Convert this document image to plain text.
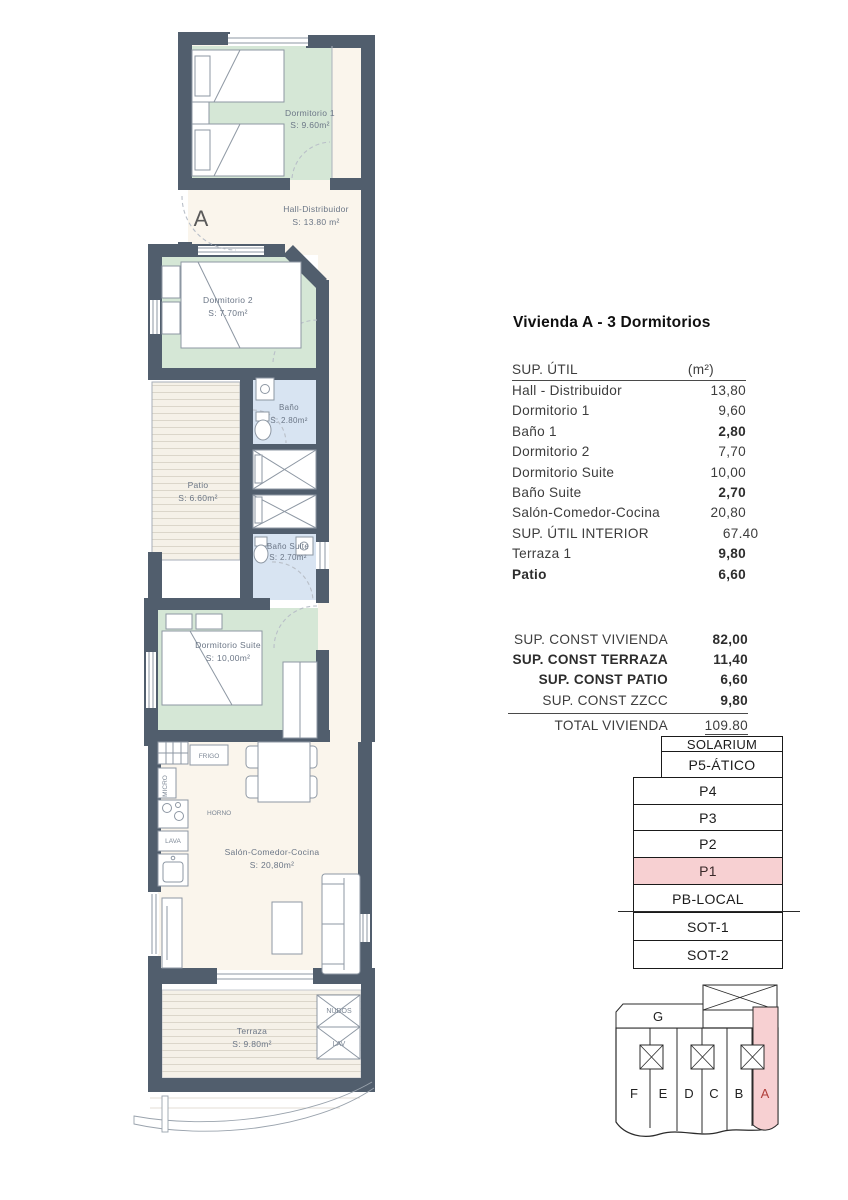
Dormitorio 1
S: 9.60m²
Hall-Distribuidor
S: 13.80 m²
Dormitorio 2
S: 7.70m²
Baño
S: 2.80m²
Patio
S: 6.60m²
Baño Suite
S: 2.70m²
Dormitorio Suite
S: 10,00m²
Salón-Comedor-Cocina
S: 20,80m²
Terraza
S: 9.80m²
FRIGO
MICRO
HORNO
LAVA
NUDOS
LAV
A
Vivienda A - 3 Dormitorios
SUP. ÚTIL	(m²)
Hall - Distribuidor	13,80
Dormitorio 1	9,60
Baño 1	2,80
Dormitorio 2	7,70
Dormitorio Suite	10,00
Baño Suite	2,70
Salón-Comedor-Cocina	20,80
SUP. ÚTIL INTERIOR	67.40
Terraza 1	9,80
Patio	6,60
SUP. CONST VIVIENDA	82,00
SUP. CONST TERRAZA	11,40
SUP. CONST PATIO	6,60
SUP. CONST ZZCC	9,80
TOTAL VIVIENDA	109.80
SOLARIUM
P5-ÁTICO
P4
P3
P2
P1
PB-LOCAL
SOT-1
SOT-2
G
F E D C B A
